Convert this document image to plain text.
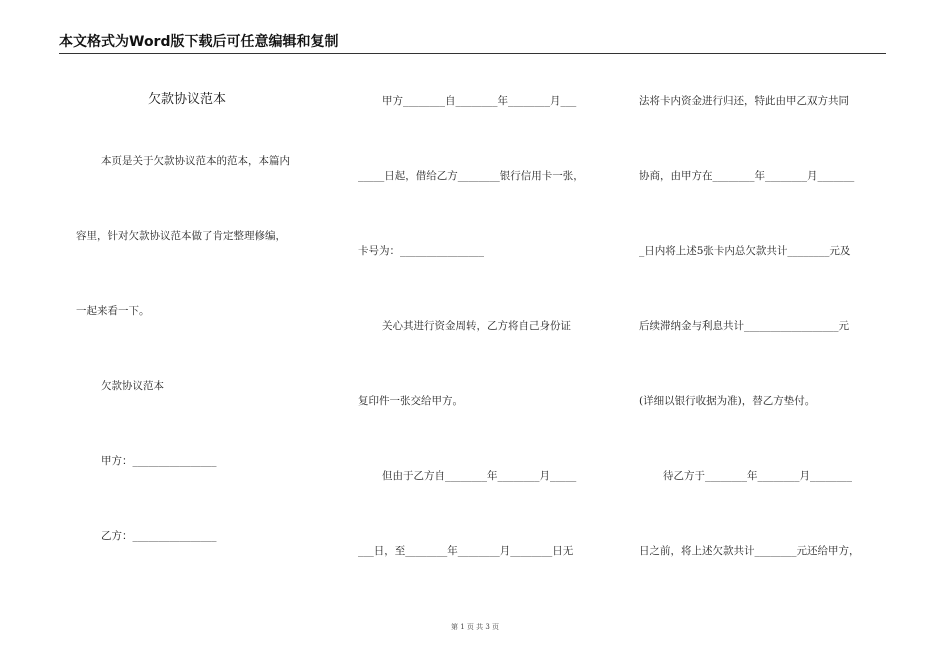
本文格式为Word版下载后可任意编辑和复制
欠款协议范本
本页是关于欠款协议范本的范本，本篇内
容里，针对欠款协议范本做了肯定整理修编，
一起来看一下。
欠款协议范本
甲方：________________
乙方：________________
甲方________自________年________月___
_____日起，借给乙方________银行信用卡一张，
卡号为：________________
关心其进行资金周转，乙方将自己身份证
复印件一张交给甲方。
但由于乙方自________年________月_____
___日，至________年________月________日无
法将卡内资金进行归还，特此由甲乙双方共同
协商，由甲方在________年________月_______
_日内将上述5张卡内总欠款共计________元及
后续滞纳金与利息共计__________________元
(详细以银行收据为准)，替乙方垫付。
待乙方于________年________月________
日之前，将上述欠款共计________元还给甲方，
第 1 页 共 3 页
